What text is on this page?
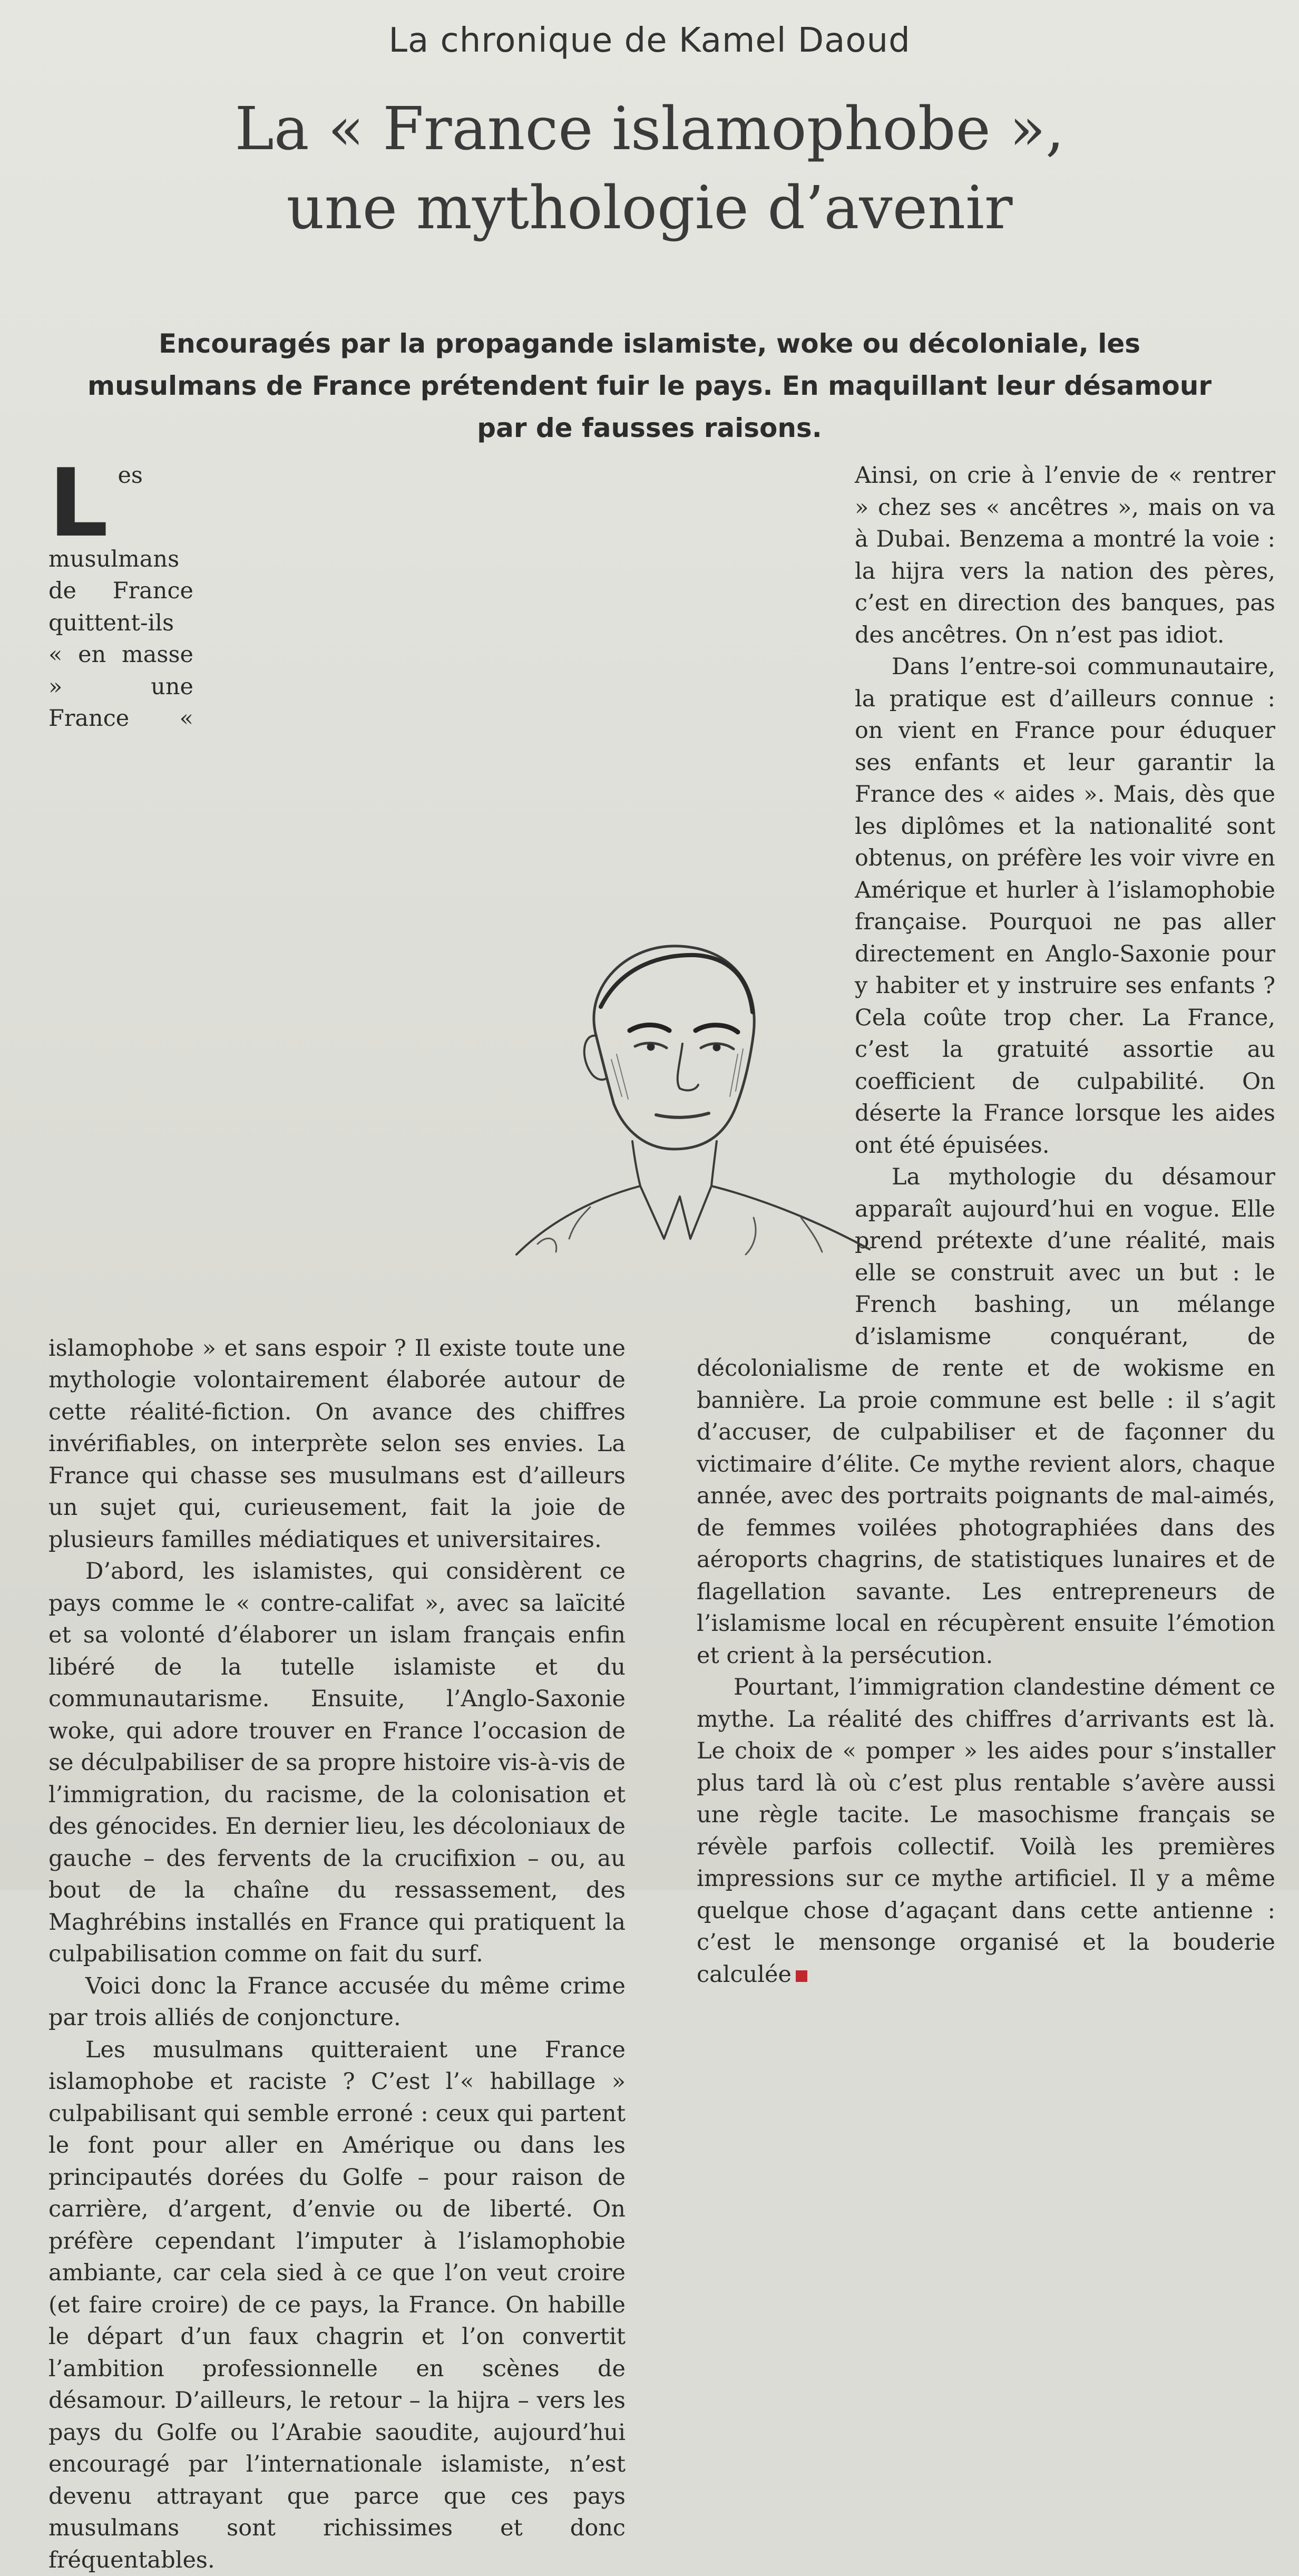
La chronique de Kamel Daoud
La « France islamophobe »,
une mythologie d’avenir

Encouragés par la propagande islamiste, woke ou décoloniale, les musulmans de France prétendent fuir le pays. En maquillant leur désamour par de fausses raisons.

Les musulmans de France quittent-ils « en masse » une France « islamophobe » et sans espoir ? Il existe toute une mythologie volontairement élaborée autour de cette réalité-fiction. On avance des chiffres invérifiables, on interprète selon ses envies. La France qui chasse ses musulmans est d’ailleurs un sujet qui, curieusement, fait la joie de plusieurs familles médiatiques et universitaires.

D’abord, les islamistes, qui considèrent ce pays comme le « contre-califat », avec sa laïcité et sa volonté d’élaborer un islam français enfin libéré de la tutelle islamiste et du communautarisme. Ensuite, l’Anglo-Saxonie woke, qui adore trouver en France l’occasion de se déculpabiliser de sa propre histoire vis-à-vis de l’immigration, du racisme, de la colonisation et des génocides. En dernier lieu, les décoloniaux de gauche – des fervents de la crucifixion – ou, au bout de la chaîne du ressassement, des Maghrébins installés en France qui pratiquent la culpabilisation comme on fait du surf.

Voici donc la France accusée du même crime par trois alliés de conjoncture.

Les musulmans quitteraient une France islamophobe et raciste ? C’est l’« habillage » culpabilisant qui semble erroné : ceux qui partent le font pour aller en Amérique ou dans les principautés dorées du Golfe – pour raison de carrière, d’argent, d’envie ou de liberté. On préfère cependant l’imputer à l’islamophobie ambiante, car cela sied à ce que l’on veut croire (et faire croire) de ce pays, la France. On habille le départ d’un faux chagrin et l’on convertit l’ambition professionnelle en scènes de désamour. D’ailleurs, le retour – la hijra – vers les pays du Golfe ou l’Arabie saoudite, aujourd’hui encouragé par l’internationale islamiste, n’est devenu attrayant que parce que ces pays musulmans sont richissimes et donc fréquentables.

Ainsi, on crie à l’envie de « rentrer » chez ses « ancêtres », mais on va à Dubai. Benzema a montré la voie : la hijra vers la nation des pères, c’est en direction des banques, pas des ancêtres. On n’est pas idiot.

Dans l’entre-soi communautaire, la pratique est d’ailleurs connue : on vient en France pour éduquer ses enfants et leur garantir la France des « aides ». Mais, dès que les diplômes et la nationalité sont obtenus, on préfère les voir vivre en Amérique et hurler à l’islamophobie française. Pourquoi ne pas aller directement en Anglo-Saxonie pour y habiter et y instruire ses enfants ? Cela coûte trop cher. La France, c’est la gratuité assortie au coefficient de culpabilité. On déserte la France lorsque les aides ont été épuisées.

La mythologie du désamour apparaît aujourd’hui en vogue. Elle prend prétexte d’une réalité, mais elle se construit avec un but : le French bashing, un mélange d’islamisme conquérant, de décolonialisme de rente et de wokisme en bannière. La proie commune est belle : il s’agit d’accuser, de culpabiliser et de façonner du victimaire d’élite. Ce mythe revient alors, chaque année, avec des portraits poignants de mal-aimés, de femmes voilées photographiées dans des aéroports chagrins, de statistiques lunaires et de flagellation savante. Les entrepreneurs de l’islamisme local en récupèrent ensuite l’émotion et crient à la persécution.

Pourtant, l’immigration clandestine dément ce mythe. La réalité des chiffres d’arrivants est là. Le choix de « pomper » les aides pour s’installer plus tard là où c’est plus rentable s’avère aussi une règle tacite. Le masochisme français se révèle parfois collectif. Voilà les premières impressions sur ce mythe artificiel. Il y a même quelque chose d’agaçant dans cette antienne : c’est le mensonge organisé et la bouderie calculée
